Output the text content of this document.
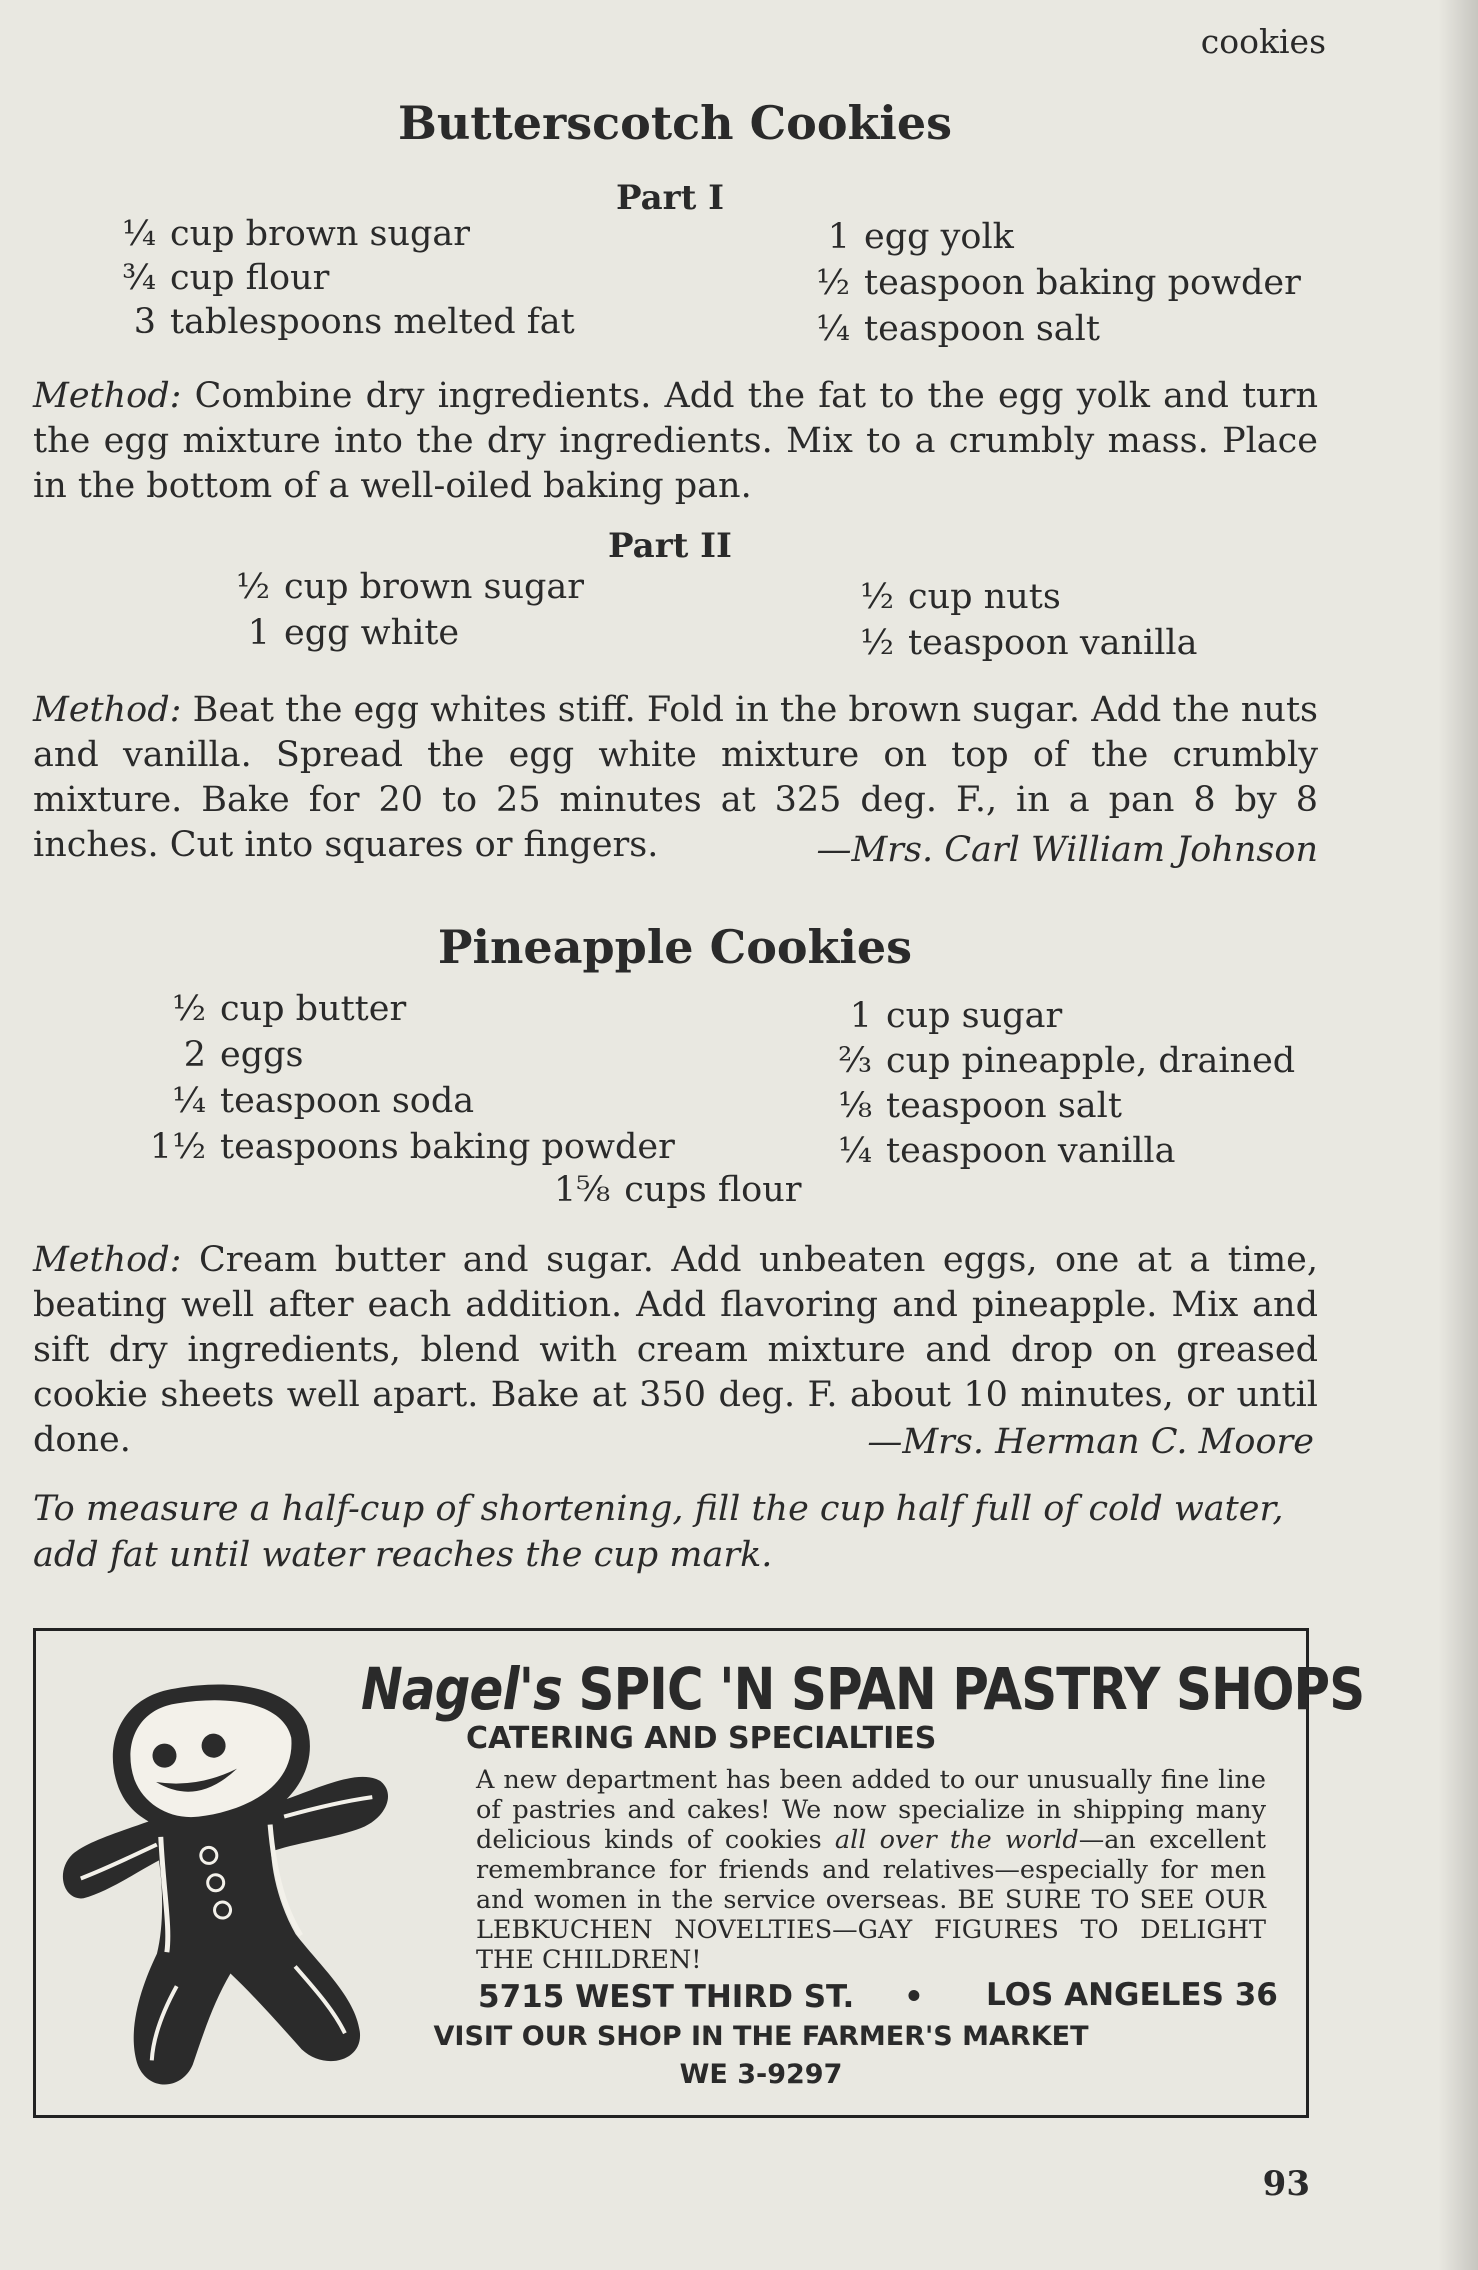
cookies
Butterscotch Cookies
Part I
¼ cup brown sugar
¾ cup flour
3 tablespoons melted fat
1 egg yolk
½ teaspoon baking powder
¼ teaspoon salt
Method: Combine dry ingredients. Add the fat to the egg yolk and turn the egg mixture into the dry ingredients. Mix to a crumbly mass. Place in the bottom of a well-oiled baking pan.
Part II
½ cup brown sugar
1 egg white
½ cup nuts
½ teaspoon vanilla
Method: Beat the egg whites stiff. Fold in the brown sugar. Add the nuts and vanilla. Spread the egg white mixture on top of the crumbly mixture. Bake for 20 to 25 minutes at 325 deg. F., in a pan 8 by 8 inches. Cut into squares or fingers.	—Mrs. Carl William Johnson
Pineapple Cookies
½ cup butter
2 eggs
¼ teaspoon soda
1½ teaspoons baking powder
1 cup sugar
⅔ cup pineapple, drained
⅛ teaspoon salt
¼ teaspoon vanilla
1⅝ cups flour
Method: Cream butter and sugar. Add unbeaten eggs, one at a time, beating well after each addition. Add flavoring and pineapple. Mix and sift dry ingredients, blend with cream mixture and drop on greased cookie sheets well apart. Bake at 350 deg. F. about 10 minutes, or until done.	—Mrs. Herman C. Moore
To measure a half-cup of shortening, fill the cup half full of cold water, add fat until water reaches the cup mark.
Nagel's SPIC 'N SPAN PASTRY SHOPS
CATERING AND SPECIALTIES
A new department has been added to our unusually fine line of pastries and cakes! We now specialize in shipping many delicious kinds of cookies all over the world—an excellent remembrance for friends and relatives—especially for men and women in the service overseas. BE SURE TO SEE OUR LEBKUCHEN NOVELTIES—GAY FIGURES TO DELIGHT THE CHILDREN!
5715 WEST THIRD ST. • LOS ANGELES 36
VISIT OUR SHOP IN THE FARMER'S MARKET
WE 3-9297
93
